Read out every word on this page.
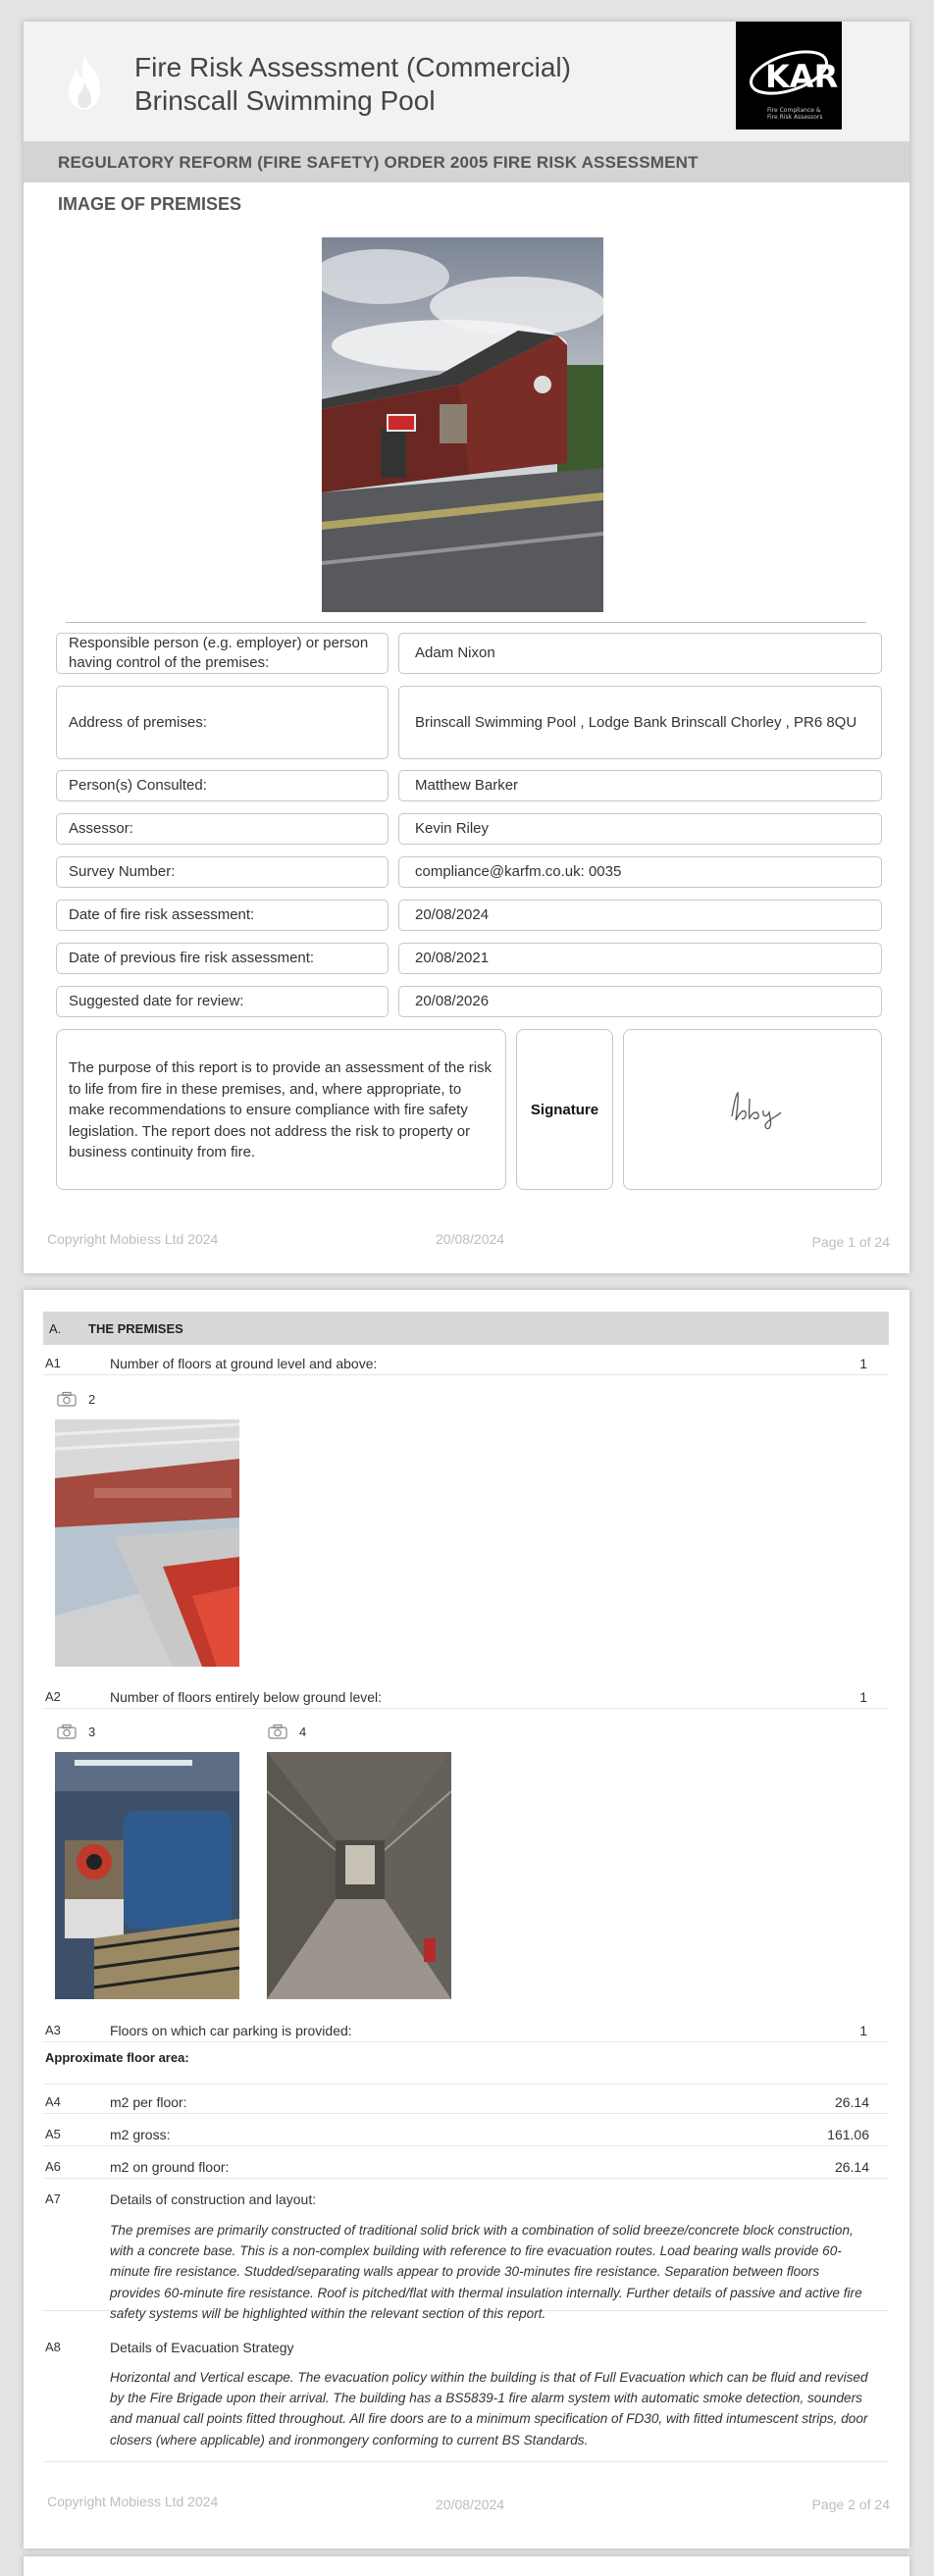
Fire Risk Assessment (Commercial)
Brinscall Swimming Pool
KAR
Fire Compliance &
Fire Risk Assessors
REGULATORY REFORM (FIRE SAFETY) ORDER 2005 FIRE RISK ASSESSMENT
IMAGE OF PREMISES
Responsible person (e.g. employer) or person having control of the premises:
Adam Nixon
Address of premises:	Brinscall Swimming Pool , Lodge Bank Brinscall Chorley , PR6 8QU
Person(s) Consulted:	Matthew Barker
Assessor:	Kevin Riley
Survey Number:	compliance@karfm.co.uk: 0035
Date of fire risk assessment:	20/08/2024
Date of previous fire risk assessment:	20/08/2021
Suggested date for review:	20/08/2026
The purpose of this report is to provide an assessment of the risk to life from fire in these premises, and, where appropriate, to make recommendations to ensure compliance with fire safety legislation. The report does not address the risk to property or business continuity from fire.
Signature
Copyright Mobiess Ltd 2024	20/08/2024	Page 1 of 24
A. THE PREMISES
A1	Number of floors at ground level and above:	1
2
A2	Number of floors entirely below ground level:	1
3	4
A3	Floors on which car parking is provided:	1
Approximate floor area:
A4	m2 per floor:	26.14
A5	m2 gross:	161.06
A6	m2 on ground floor:	26.14
A7	Details of construction and layout:
The premises are primarily constructed of traditional solid brick with a combination of solid breeze/concrete block construction, with a concrete base. This is a non-complex building with reference to fire evacuation routes. Load bearing walls provide 60-minute fire resistance. Studded/separating walls appear to provide 30-minutes fire resistance. Separation between floors provides 60-minute fire resistance. Roof is pitched/flat with thermal insulation internally. Further details of passive and active fire safety systems will be highlighted within the relevant section of this report.
A8	Details of Evacuation Strategy
Horizontal and Vertical escape. The evacuation policy within the building is that of Full Evacuation which can be fluid and revised by the Fire Brigade upon their arrival. The building has a BS5839-1 fire alarm system with automatic smoke detection, sounders and manual call points fitted throughout. All fire doors are to a minimum specification of FD30, with fitted intumescent strips, door closers (where applicable) and ironmongery conforming to current BS Standards.
Copyright Mobiess Ltd 2024	20/08/2024	Page 2 of 24
